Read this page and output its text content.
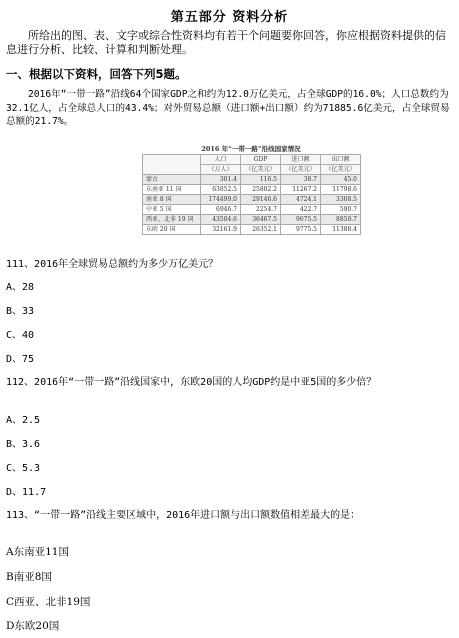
第五部分 资料分析
所给出的图、表、文字或综合性资料均有若干个问题要你回答，你应根据资料提供的信息进行分析、比较、计算和判断处理。
一、根据以下资料，回答下列5题。
2016年“一带一路”沿线64个国家GDP之和约为12.0万亿美元，占全球GDP的16.0%；人口总数约为32.1亿人，占全球总人口的43.4%；对外贸易总额（进口额+出口额）约为71885.6亿美元，占全球贸易总额的21.7%。
2016 年“一带一路”沿线国家情况
	人口	GDP	进口额	出口额
	（万人）	（亿美元）	（亿美元）	（亿美元）
蒙古	301.4	116.5	38.7	45.0
东南亚 11 国	63852.5	25802.2	11267.2	11798.6
南亚 8 国	174499.0	29146.6	4724.1	3308.5
中亚 5 国	6946.7	2254.7	422.7	590.7
西亚、北非 19 国	43504.6	36467.5	9675.5	8850.7
东欧 20 国	32161.9	26352.1	9775.5	11388.4
111、2016年全球贸易总额约为多少万亿美元？
A、28
B、33
C、40
D、75
112、2016年“一带一路”沿线国家中，东欧20国的人均GDP约是中亚5国的多少倍？
A、2.5
B、3.6
C、5.3
D、11.7
113、“一带一路”沿线主要区域中，2016年进口额与出口额数值相差最大的是：
A东南亚11国
B南亚8国
C西亚、北非19国
D东欧20国
